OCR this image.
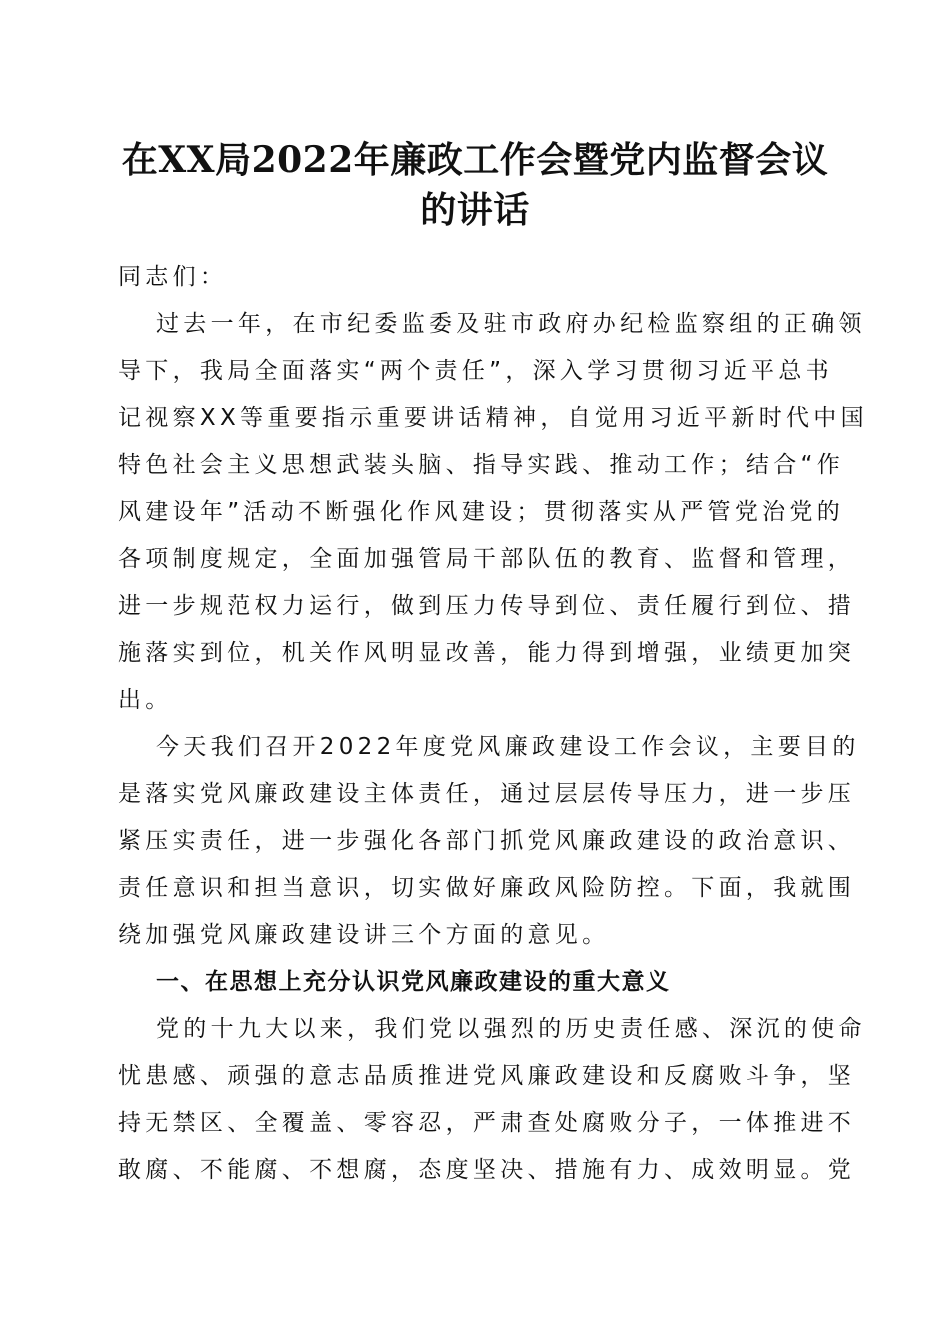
在XX局2022年廉政工作会暨党内监督会议
的讲话
同志们：
过去一年，在市纪委监委及驻市政府办纪检监察组的正确领
导下，我局全面落实“两个责任”，深入学习贯彻习近平总书
记视察XX等重要指示重要讲话精神，自觉用习近平新时代中国
特色社会主义思想武装头脑、指导实践、推动工作；结合“作
风建设年”活动不断强化作风建设；贯彻落实从严管党治党的
各项制度规定，全面加强管局干部队伍的教育、监督和管理，
进一步规范权力运行，做到压力传导到位、责任履行到位、措
施落实到位，机关作风明显改善，能力得到增强，业绩更加突
出。
今天我们召开2022年度党风廉政建设工作会议，主要目的
是落实党风廉政建设主体责任，通过层层传导压力，进一步压
紧压实责任，进一步强化各部门抓党风廉政建设的政治意识、
责任意识和担当意识，切实做好廉政风险防控。下面，我就围
绕加强党风廉政建设讲三个方面的意见。
一、在思想上充分认识党风廉政建设的重大意义
党的十九大以来，我们党以强烈的历史责任感、深沉的使命
忧患感、顽强的意志品质推进党风廉政建设和反腐败斗争，坚
持无禁区、全覆盖、零容忍，严肃查处腐败分子，一体推进不
敢腐、不能腐、不想腐，态度坚决、措施有力、成效明显。党
